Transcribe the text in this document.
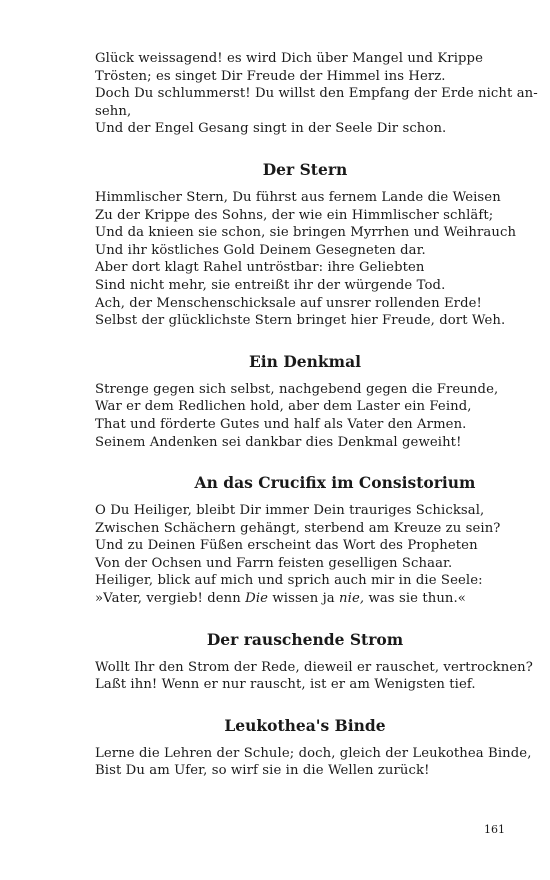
Glück weissagend! es wird Dich über Mangel und Krippe
Trösten; es singet Dir Freude der Himmel ins Herz.
Doch Du schlummerst! Du willst den Empfang der Erde nicht an-
sehn,
Und der Engel Gesang singt in der Seele Dir schon.
Der Stern
Himmlischer Stern, Du führst aus fernem Lande die Weisen
Zu der Krippe des Sohns, der wie ein Himmlischer schläft;
Und da knieen sie schon, sie bringen Myrrhen und Weihrauch
Und ihr köstliches Gold Deinem Gesegneten dar.
Aber dort klagt Rahel untröstbar: ihre Geliebten
Sind nicht mehr, sie entreißt ihr der würgende Tod.
Ach, der Menschenschicksale auf unsrer rollenden Erde!
Selbst der glücklichste Stern bringet hier Freude, dort Weh.
Ein Denkmal
Strenge gegen sich selbst, nachgebend gegen die Freunde,
War er dem Redlichen hold, aber dem Laster ein Feind,
That und förderte Gutes und half als Vater den Armen.
Seinem Andenken sei dankbar dies Denkmal geweiht!
An das Crucifix im Consistorium
O Du Heiliger, bleibt Dir immer Dein trauriges Schicksal,
Zwischen Schächern gehängt, sterbend am Kreuze zu sein?
Und zu Deinen Füßen erscheint das Wort des Propheten
Von der Ochsen und Farrn feisten geselligen Schaar.
Heiliger, blick auf mich und sprich auch mir in die Seele:
»Vater, vergieb! denn Die wissen ja nie, was sie thun.«
Der rauschende Strom
Wollt Ihr den Strom der Rede, dieweil er rauschet, vertrocknen?
Laßt ihn! Wenn er nur rauscht, ist er am Wenigsten tief.
Leukothea's Binde
Lerne die Lehren der Schule; doch, gleich der Leukothea Binde,
Bist Du am Ufer, so wirf sie in die Wellen zurück!
161
